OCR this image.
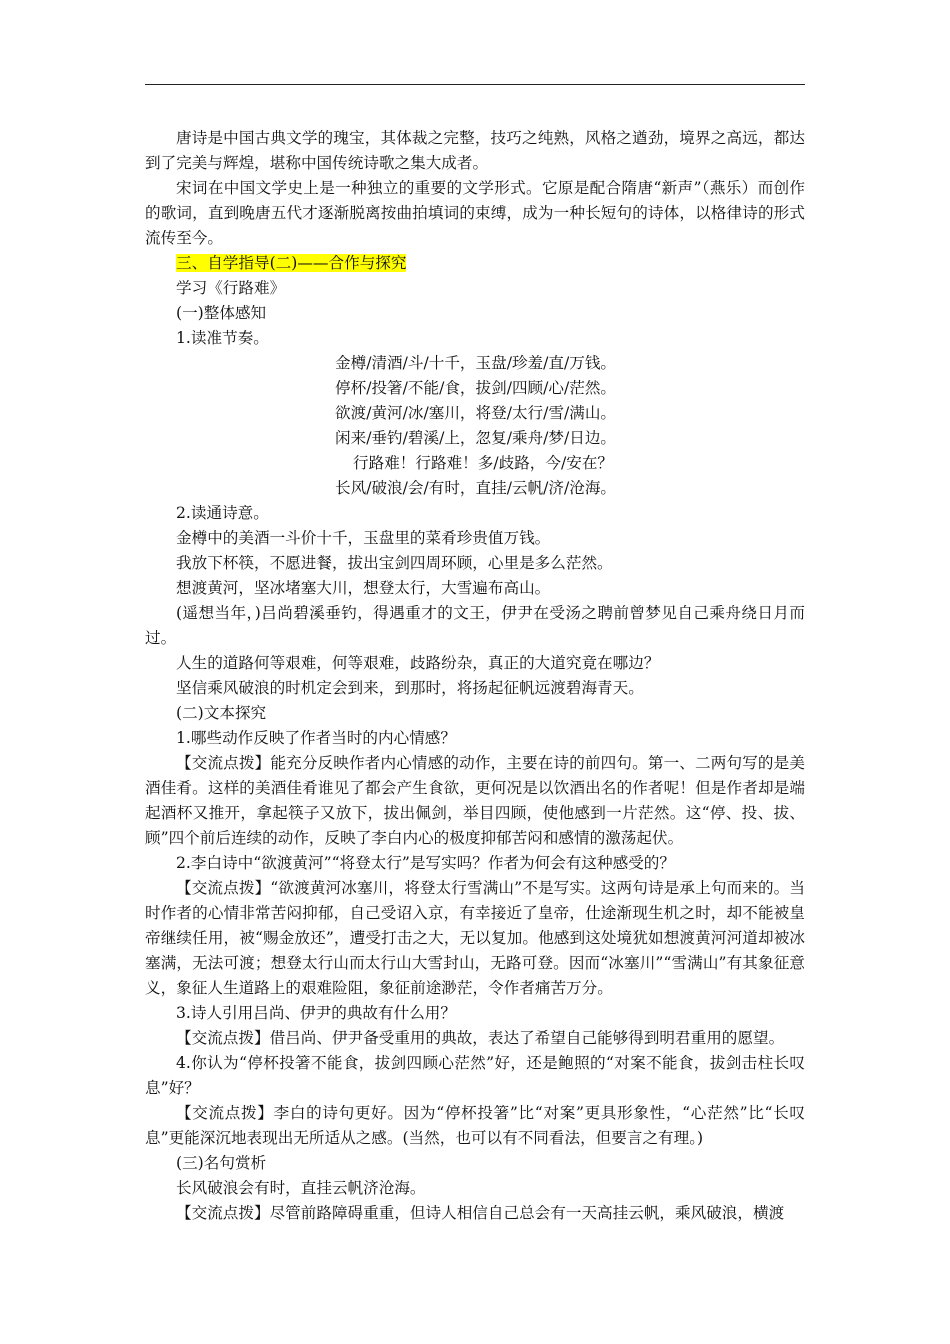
唐诗是中国古典文学的瑰宝，其体裁之完整，技巧之纯熟，风格之遒劲，境界之高远，都达到了完美与辉煌，堪称中国传统诗歌之集大成者。

宋词在中国文学史上是一种独立的重要的文学形式。它原是配合隋唐“新声”（燕乐）而创作的歌词，直到晚唐五代才逐渐脱离按曲拍填词的束缚，成为一种长短句的诗体，以格律诗的形式流传至今。

三、自学指导(二)——合作与探究

学习《行路难》

(一)整体感知

1.读准节奏。

金樽/清酒/斗/十千，玉盘/珍羞/直/万钱。

停杯/投箸/不能/食，拔剑/四顾/心/茫然。

欲渡/黄河/冰/塞川，将登/太行/雪/满山。

闲来/垂钓/碧溪/上，忽复/乘舟/梦/日边。

行路难！行路难！多/歧路，今/安在？

长风/破浪/会/有时，直挂/云帆/济/沧海。

2.读通诗意。

金樽中的美酒一斗价十千，玉盘里的菜肴珍贵值万钱。

我放下杯筷，不愿进餐，拔出宝剑四周环顾，心里是多么茫然。

想渡黄河，坚冰堵塞大川，想登太行，大雪遍布高山。

(遥想当年，)吕尚碧溪垂钓，得遇重才的文王，伊尹在受汤之聘前曾梦见自己乘舟绕日月而过。

人生的道路何等艰难，何等艰难，歧路纷杂，真正的大道究竟在哪边？

坚信乘风破浪的时机定会到来，到那时，将扬起征帆远渡碧海青天。

(二)文本探究

1.哪些动作反映了作者当时的内心情感？

【交流点拨】能充分反映作者内心情感的动作，主要在诗的前四句。第一、二两句写的是美酒佳肴。这样的美酒佳肴谁见了都会产生食欲，更何况是以饮酒出名的作者呢！但是作者却是端起酒杯又推开，拿起筷子又放下，拔出佩剑，举目四顾，使他感到一片茫然。这“停、投、拔、顾”四个前后连续的动作，反映了李白内心的极度抑郁苦闷和感情的激荡起伏。

2.李白诗中“欲渡黄河”“将登太行”是写实吗？作者为何会有这种感受的？

【交流点拨】“欲渡黄河冰塞川，将登太行雪满山”不是写实。这两句诗是承上句而来的。当时作者的心情非常苦闷抑郁，自己受诏入京，有幸接近了皇帝，仕途渐现生机之时，却不能被皇帝继续任用，被“赐金放还”，遭受打击之大，无以复加。他感到这处境犹如想渡黄河河道却被冰塞满，无法可渡；想登太行山而太行山大雪封山，无路可登。因而“冰塞川”“雪满山”有其象征意义，象征人生道路上的艰难险阻，象征前途渺茫，令作者痛苦万分。

3.诗人引用吕尚、伊尹的典故有什么用？

【交流点拨】借吕尚、伊尹备受重用的典故，表达了希望自己能够得到明君重用的愿望。

4.你认为“停杯投箸不能食，拔剑四顾心茫然”好，还是鲍照的“对案不能食，拔剑击柱长叹息”好？

【交流点拨】李白的诗句更好。因为“停杯投箸”比“对案”更具形象性，“心茫然”比“长叹息”更能深沉地表现出无所适从之感。(当然，也可以有不同看法，但要言之有理。)

(三)名句赏析

长风破浪会有时，直挂云帆济沧海。

【交流点拨】尽管前路障碍重重，但诗人相信自己总会有一天高挂云帆，乘风破浪，横渡
